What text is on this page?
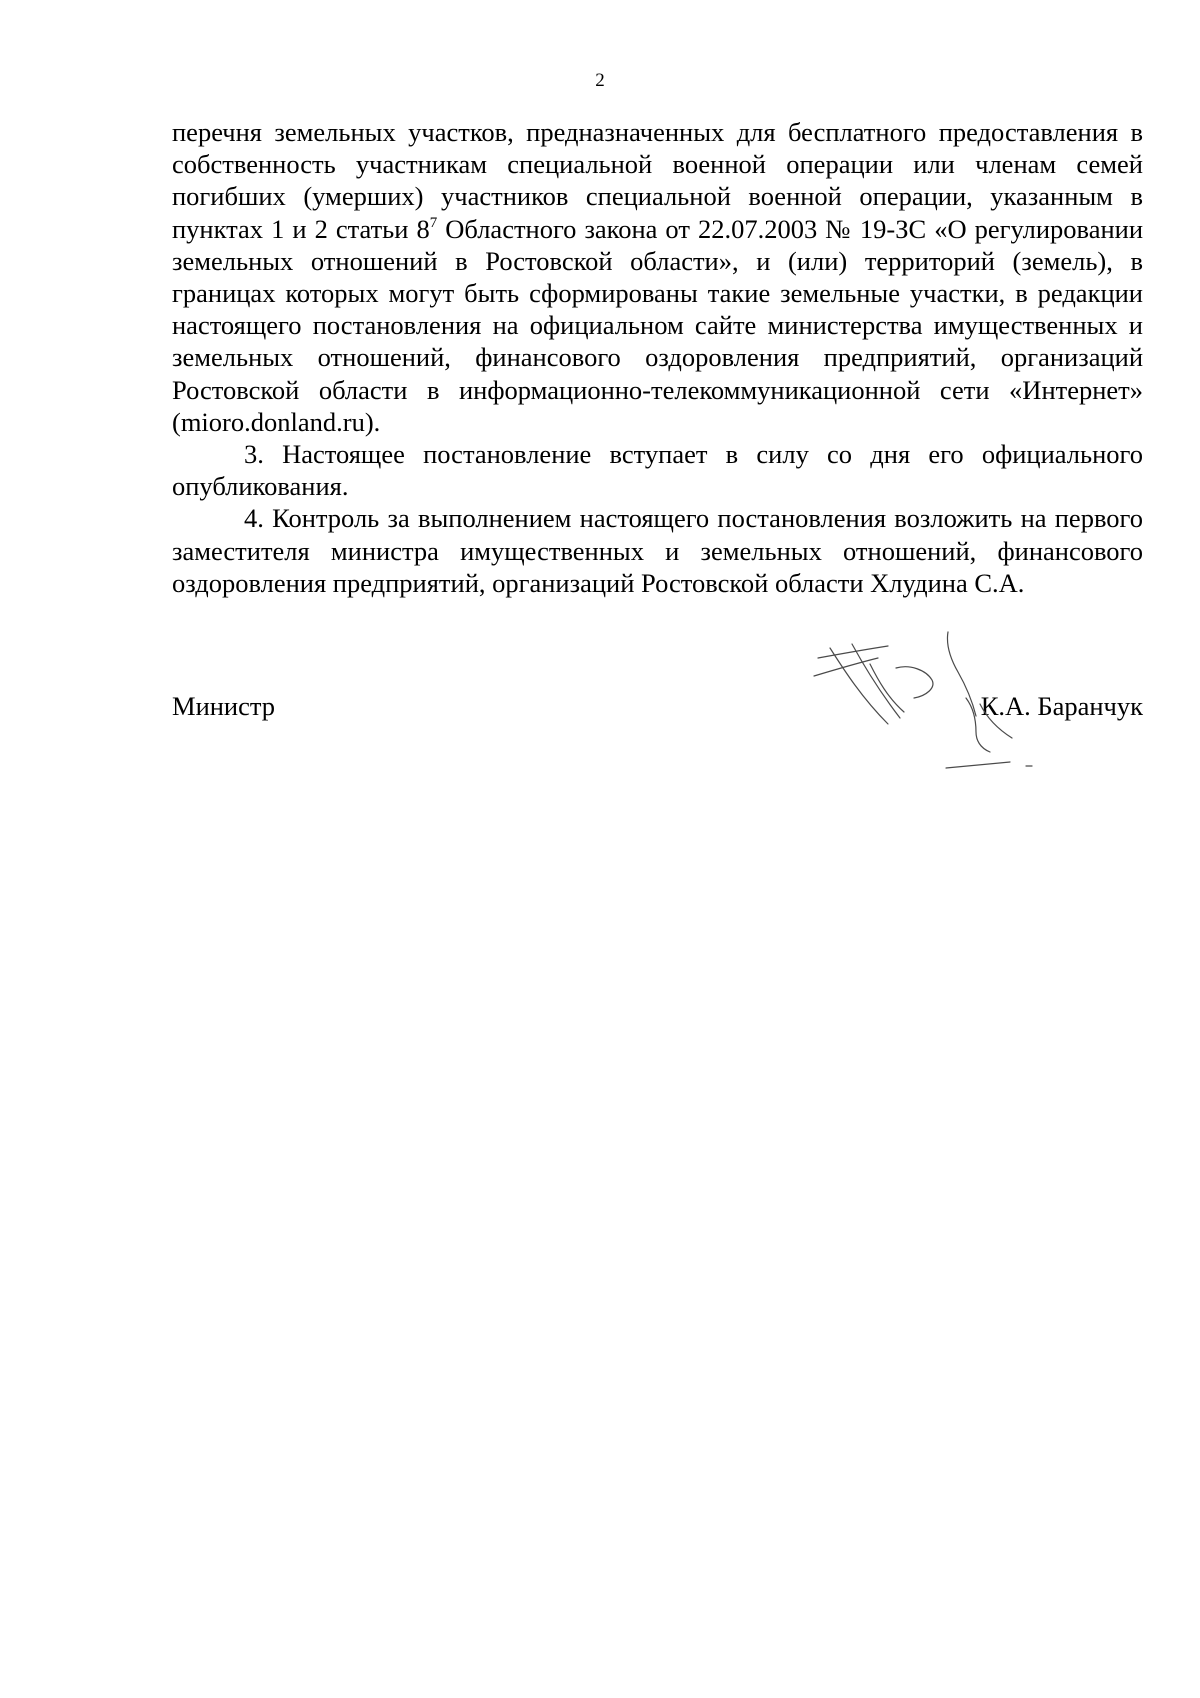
2

перечня земельных участков, предназначенных для бесплатного предоставления в собственность участникам специальной военной операции или членам семей погибших (умерших) участников специальной военной операции, указанным в пунктах 1 и 2 статьи $8^7$ Областного закона от 22.07.2003 № 19-ЗС «О регулировании земельных отношений в Ростовской области», и (или) территорий (земель), в границах которых могут быть сформированы такие земельные участки, в редакции настоящего постановления на официальном сайте министерства имущественных и земельных отношений, финансового оздоровления предприятий, организаций Ростовской области в информационно-телекоммуникационной сети «Интернет» (mioro.donland.ru).

3. Настоящее постановление вступает в силу со дня его официального опубликования.

4. Контроль за выполнением настоящего постановления возложить на первого заместителя министра имущественных и земельных отношений, финансового оздоровления предприятий, организаций Ростовской области Хлудина С.А.

Министр	К.А. Баранчук
